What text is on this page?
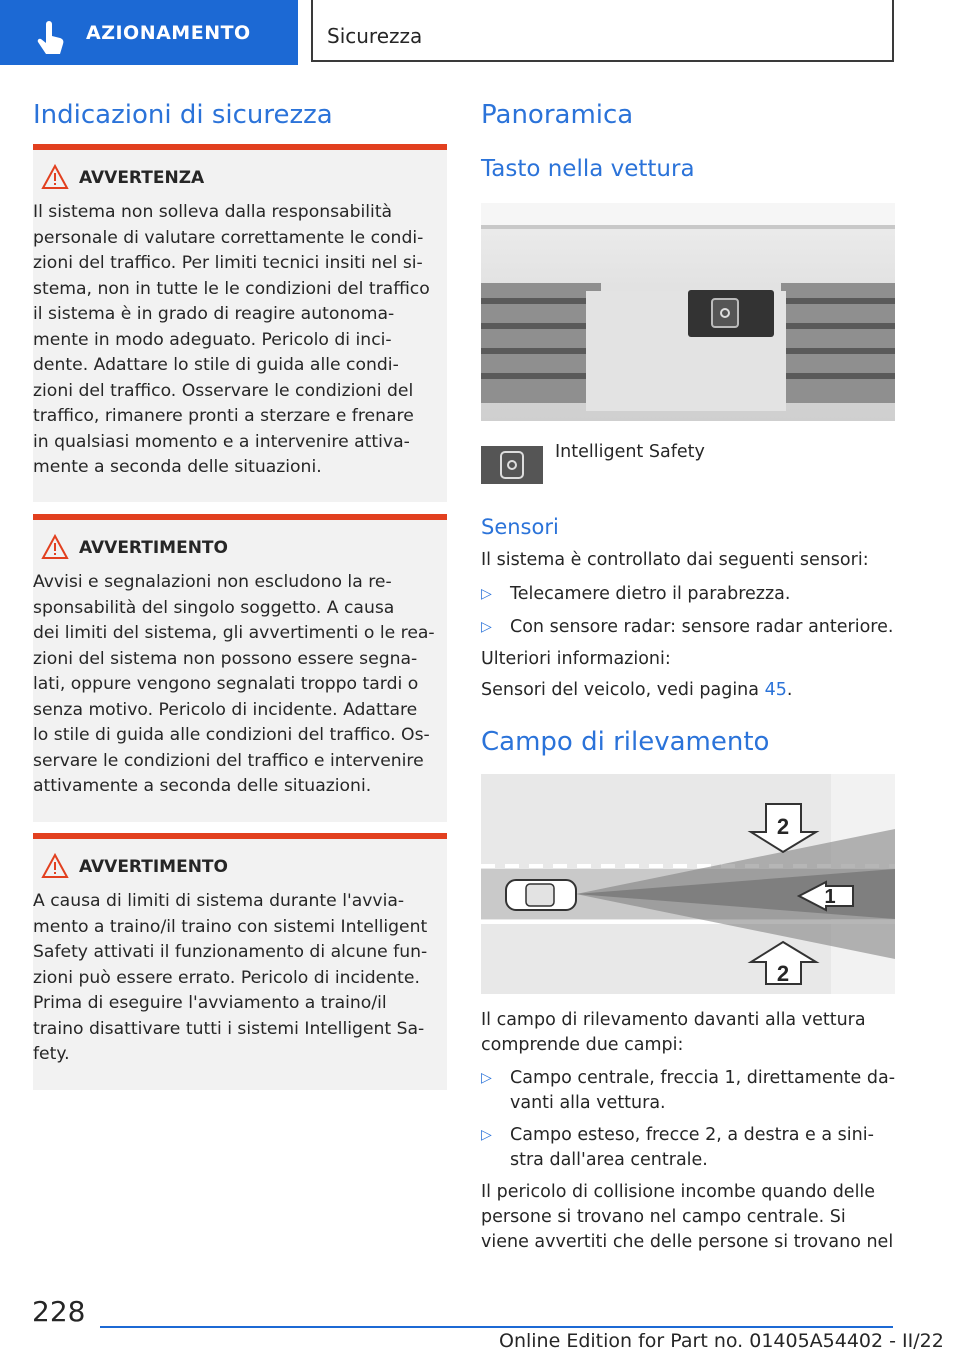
AZIONAMENTO	Sicurezza
Indicazioni di sicurezza
AVVERTENZA
Il sistema non solleva dalla responsabilità
personale di valutare correttamente le condi-
zioni del traffico. Per limiti tecnici insiti nel si-
stema, non in tutte le le condizioni del traffico
il sistema è in grado di reagire autonoma-
mente in modo adeguato. Pericolo di inci-
dente. Adattare lo stile di guida alle condi-
zioni del traffico. Osservare le condizioni del
traffico, rimanere pronti a sterzare e frenare
in qualsiasi momento e a intervenire attiva-
mente a seconda delle situazioni.
AVVERTIMENTO
Avvisi e segnalazioni non escludono la re-
sponsabilità del singolo soggetto. A causa
dei limiti del sistema, gli avvertimenti o le rea-
zioni del sistema non possono essere segna-
lati, oppure vengono segnalati troppo tardi o
senza motivo. Pericolo di incidente. Adattare
lo stile di guida alle condizioni del traffico. Os-
servare le condizioni del traffico e intervenire
attivamente a seconda delle situazioni.
AVVERTIMENTO
A causa di limiti di sistema durante l'avvia-
mento a traino/il traino con sistemi Intelligent
Safety attivati il funzionamento di alcune fun-
zioni può essere errato. Pericolo di incidente.
Prima di eseguire l'avviamento a traino/il
traino disattivare tutti i sistemi Intelligent Sa-
fety.
Panoramica
Tasto nella vettura
Intelligent Safety
Sensori
Il sistema è controllato dai seguenti sensori:
▷ Telecamere dietro il parabrezza.
▷ Con sensore radar: sensore radar anteriore.
Ulteriori informazioni:
Sensori del veicolo, vedi pagina 45.
Campo di rilevamento
2
1
2
Il campo di rilevamento davanti alla vettura
comprende due campi:
▷ Campo centrale, freccia 1, direttamente da-
vanti alla vettura.
▷ Campo esteso, frecce 2, a destra e a sini-
stra dall'area centrale.
Il pericolo di collisione incombe quando delle
persone si trovano nel campo centrale. Si
viene avvertiti che delle persone si trovano nel
228
Online Edition for Part no. 01405A54402 - II/22
